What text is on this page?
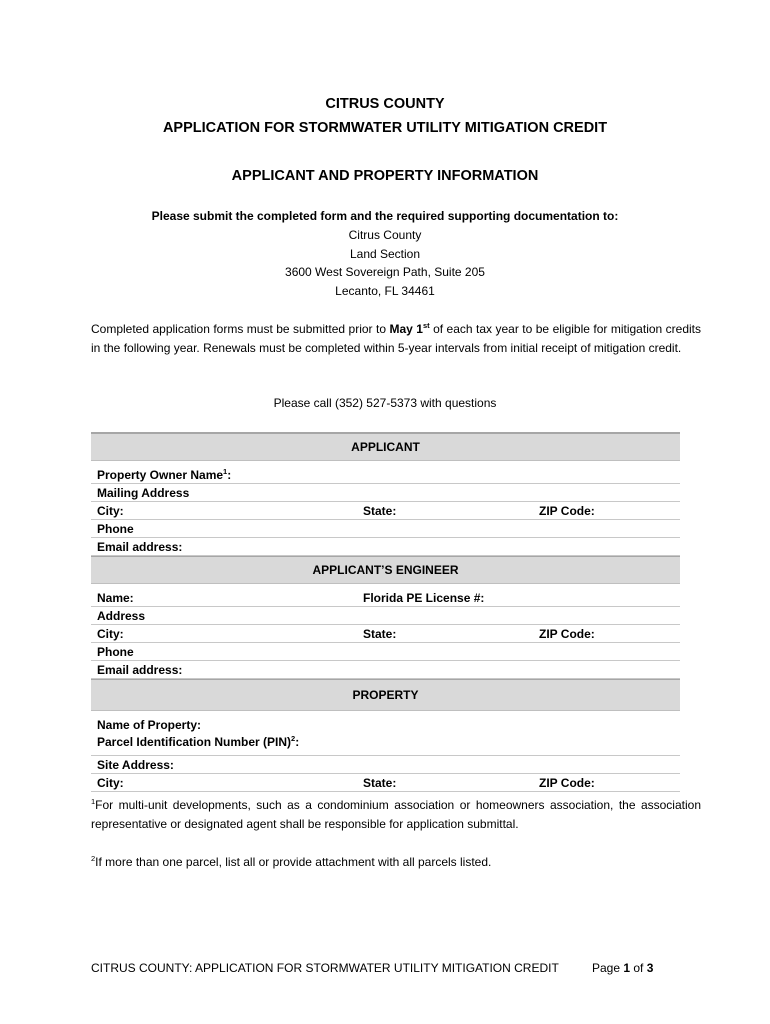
CITRUS COUNTY
APPLICATION FOR STORMWATER UTILITY MITIGATION CREDIT
APPLICANT AND PROPERTY INFORMATION
Please submit the completed form and the required supporting documentation to:
Citrus County
Land Section
3600 West Sovereign Path, Suite 205
Lecanto, FL 34461
Completed application forms must be submitted prior to May 1st of each tax year to be eligible for mitigation credits in the following year. Renewals must be completed within 5-year intervals from initial receipt of mitigation credit.
Please call (352) 527-5373 with questions
APPLICANT
Property Owner Name$^1$:
Mailing Address
City:	State:	ZIP Code:
Phone
Email address:
APPLICANT’S ENGINEER
Name:	Florida PE License #:
Address
City:	State:	ZIP Code:
Phone
Email address:
PROPERTY
Name of Property:
Parcel Identification Number (PIN)$^2$:
Site Address:
City:	State:	ZIP Code:
$^1$For multi-unit developments, such as a condominium association or homeowners association, the association representative or designated agent shall be responsible for application submittal.
$^2$If more than one parcel, list all or provide attachment with all parcels listed.
CITRUS COUNTY: APPLICATION FOR STORMWATER UTILITY MITIGATION CREDIT	Page 1 of 3
